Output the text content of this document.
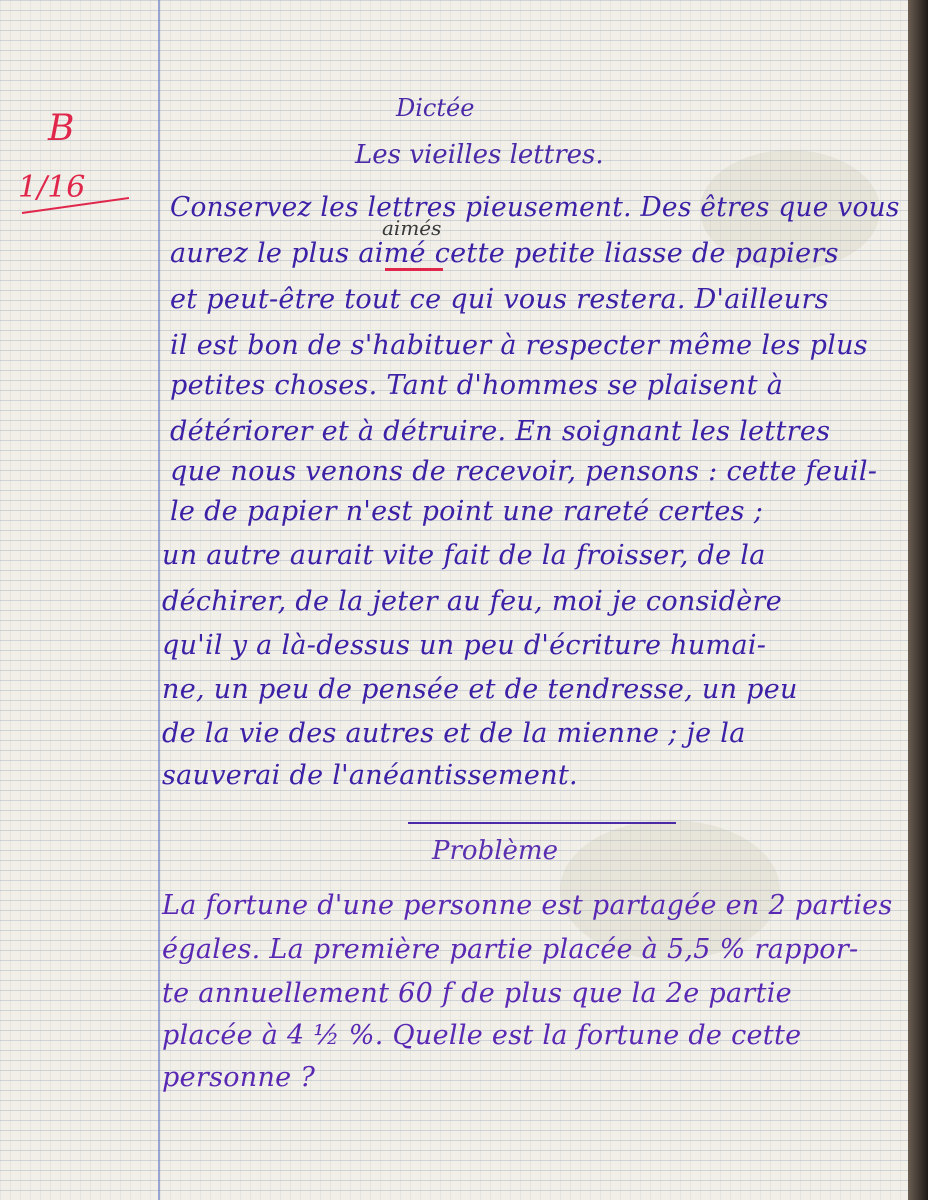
B

1/16

Dictée
Les vieilles lettres.

aimés

Conservez les lettres pieusement. Des êtres que vous

aurez le plus aimé cette petite liasse de papiers

et peut-être tout ce qui vous restera. D'ailleurs

il est bon de s'habituer à respecter même les plus

petites choses. Tant d'hommes se plaisent à

détériorer et à détruire. En soignant les lettres

que nous venons de recevoir, pensons : cette feuil-

le de papier n'est point une rareté certes ;

un autre aurait vite fait de la froisser, de la

déchirer, de la jeter au feu, moi je considère

qu'il y a là-dessus un peu d'écriture humai-

ne, un peu de pensée et de tendresse, un peu

de la vie des autres et de la mienne ; je la

sauverai de l'anéantissement.

Problème

La fortune d'une personne est partagée en 2 parties

égales. La première partie placée à 5,5 % rappor-

te annuellement 60 f de plus que la 2e partie

placée à 4 ½ %. Quelle est la fortune de cette

personne ?
